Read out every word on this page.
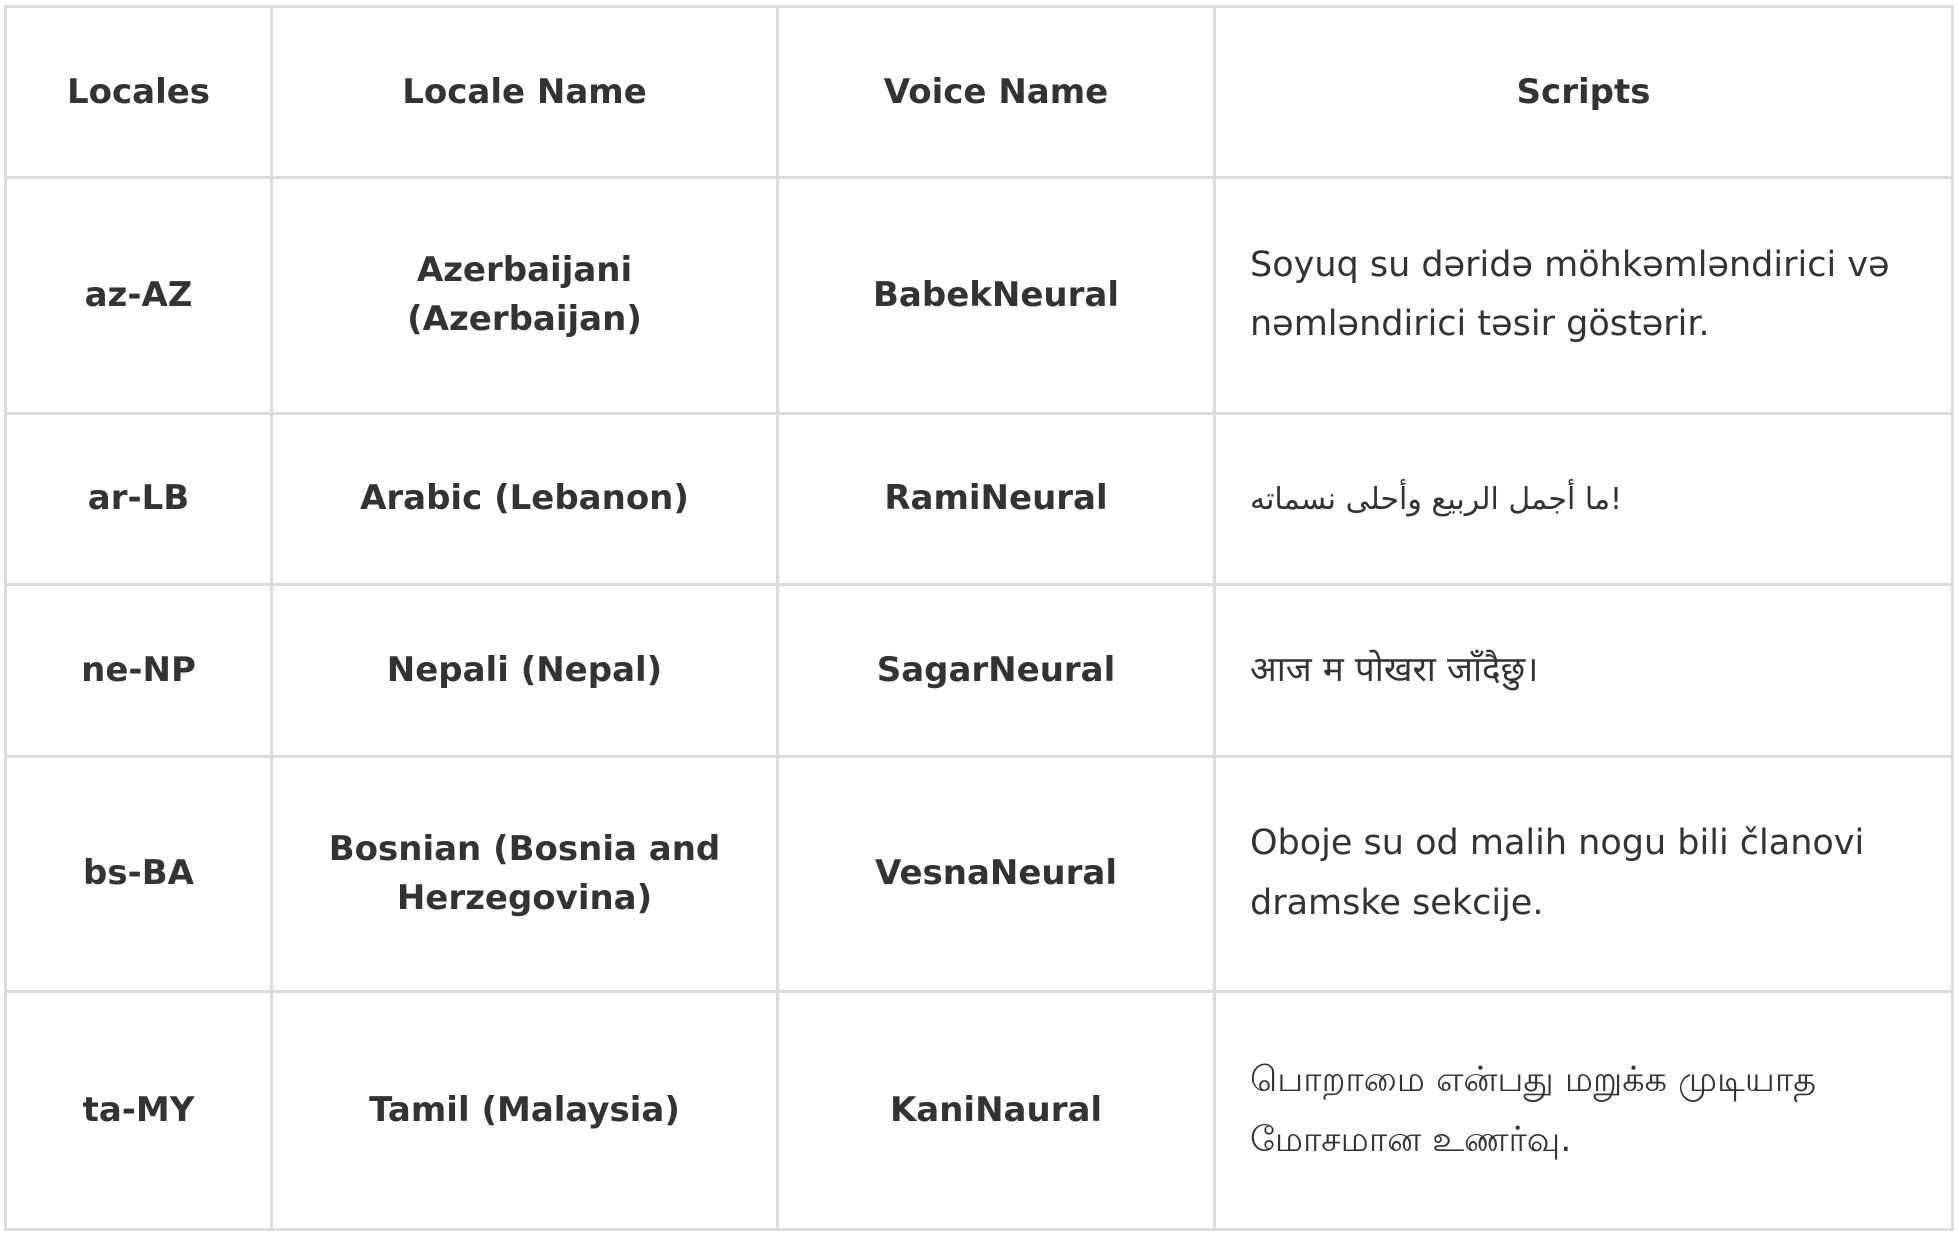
Locales	Locale Name	Voice Name	Scripts
az-AZ	Azerbaijani (Azerbaijan)	BabekNeural	Soyuq su dəridə möhkəmləndirici və nəmləndirici təsir göstərir.
ar-LB	Arabic (Lebanon)	RamiNeural	!ما أجمل الربيع وأحلى نسماته
ne-NP	Nepali (Nepal)	SagarNeural	आज म पोखरा जाँदैछु।
bs-BA	Bosnian (Bosnia and Herzegovina)	VesnaNeural	Oboje su od malih nogu bili članovi dramske sekcije.
ta-MY	Tamil (Malaysia)	KaniNaural	பொறாமை என்பது மறுக்க முடியாத மோசமான உணர்வு.
